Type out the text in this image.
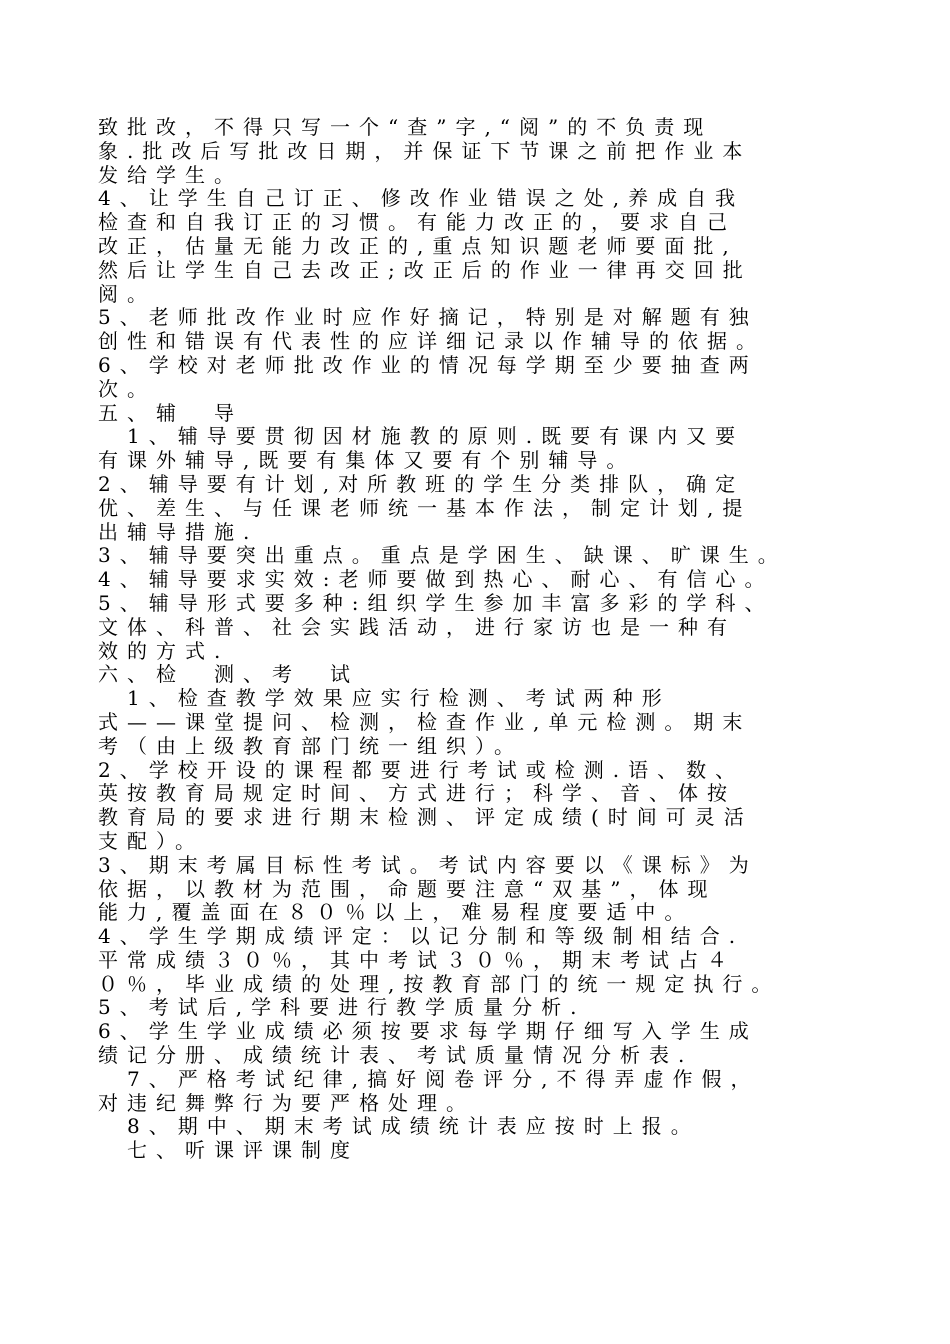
致批改，不得只写一个“查”字,“阅”的不负责现
象.批改后写批改日期，并保证下节课之前把作业本
发给学生。
4、让学生自己订正、修改作业错误之处,养成自我
检查和自我订正的习惯。有能力改正的，要求自己
改正，估量无能力改正的,重点知识题老师要面批,
然后让学生自己去改正;改正后的作业一律再交回批
阅。
5、老师批改作业时应作好摘记，特别是对解题有独
创性和错误有代表性的应详细记录以作辅导的依据。
6、学校对老师批改作业的情况每学期至少要抽查两
次。
五、辅　导
　1、辅导要贯彻因材施教的原则.既要有课内又要
有课外辅导,既要有集体又要有个别辅导。
2、辅导要有计划,对所教班的学生分类排队，确定
优、差生、与任课老师统一基本作法，制定计划,提
出辅导措施.
3、辅导要突出重点。重点是学困生、缺课、旷课生。
4、辅导要求实效:老师要做到热心、耐心、有信心。
5、辅导形式要多种:组织学生参加丰富多彩的学科、
文体、科普、社会实践活动，进行家访也是一种有
效的方式.
六、检　测、考　试
　1、检查教学效果应实行检测、考试两种形
式——课堂提问、检测，检查作业,单元检测。期末
考（由上级教育部门统一组织）。
2、学校开设的课程都要进行考试或检测.语、数、
英按教育局规定时间、方式进行；科学、音、体按
教育局的要求进行期末检测、评定成绩(时间可灵活
支配）。
3、期末考属目标性考试。考试内容要以《课标》为
依据，以教材为范围，命题要注意“双基”，体现
能力,覆盖面在８０％以上，难易程度要适中。
4、学生学期成绩评定：以记分制和等级制相结合.
平常成绩３０％，其中考试３０％，期末考试占４
０％，毕业成绩的处理,按教育部门的统一规定执行。
5、考试后,学科要进行教学质量分析.
6、学生学业成绩必须按要求每学期仔细写入学生成
绩记分册、成绩统计表、考试质量情况分析表.
　7、严格考试纪律,搞好阅卷评分,不得弄虚作假，
对违纪舞弊行为要严格处理。
　8、期中、期末考试成绩统计表应按时上报。
　七、听课评课制度
